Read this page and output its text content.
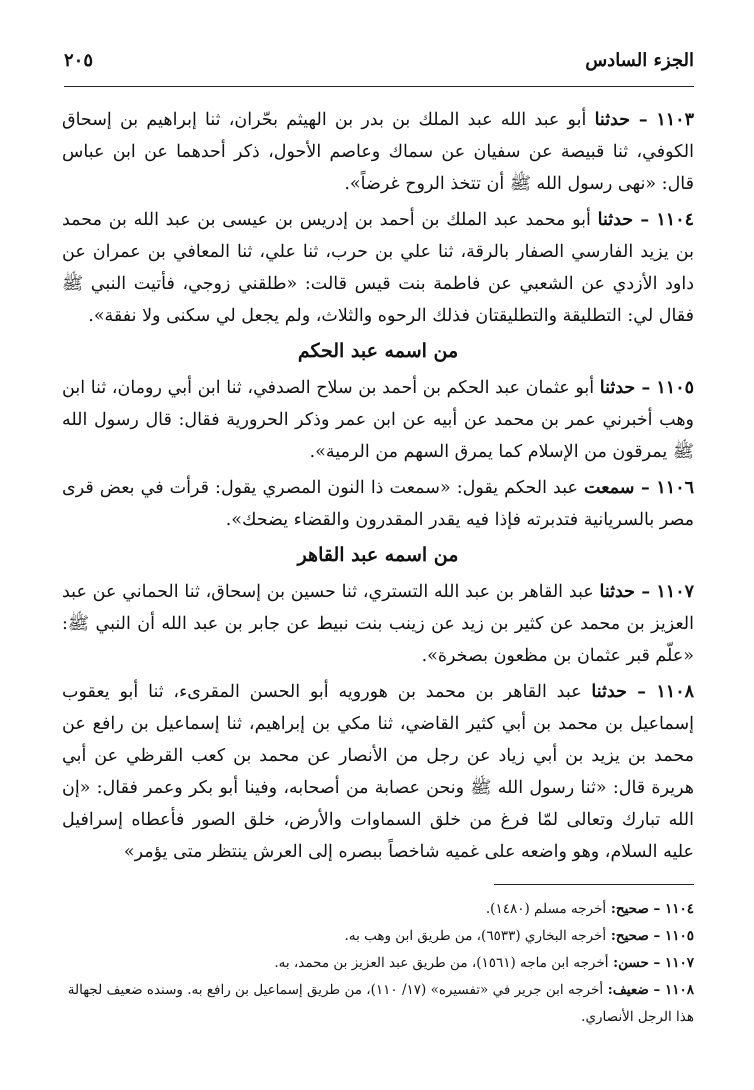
الجزء السادس
٢٠٥

١١٠٣ – حدثنا أبو عبد الله عبد الملك بن بدر بن الهيثم بحّران، ثنا إبراهيم بن إسحاق الكوفي، ثنا قبيصة عن سفيان عن سماك وعاصم الأحول، ذكر أحدهما عن ابن عباس قال: «نهى رسول الله ﷺ أن تتخذ الروح غرضاً».

١١٠٤ – حدثنا أبو محمد عبد الملك بن أحمد بن إدريس بن عيسى بن عبد الله بن محمد بن يزيد الفارسي الصفار بالرقة، ثنا علي بن حرب، ثنا علي، ثنا المعافي بن عمران عن داود الأزدي عن الشعبي عن فاطمة بنت قيس قالت: «طلقني زوجي، فأتيت النبي ﷺ فقال لي: التطليقة والتطليقتان فذلك الرحوه والثلاث، ولم يجعل لي سكنى ولا نفقة».

من اسمه عبد الحكم

١١٠٥ – حدثنا أبو عثمان عبد الحكم بن أحمد بن سلاح الصدفي، ثنا ابن أبي رومان، ثنا ابن وهب أخبرني عمر بن محمد عن أبيه عن ابن عمر وذكر الحرورية فقال: قال رسول الله ﷺ يمرقون من الإسلام كما يمرق السهم من الرمية».

١١٠٦ – سمعت عبد الحكم يقول: «سمعت ذا النون المصري يقول: قرأت في بعض قرى مصر بالسريانية فتدبرته فإذا فيه يقدر المقدرون والقضاء يضحك».

من اسمه عبد القاهر

١١٠٧ – حدثنا عبد القاهر بن عبد الله التستري، ثنا حسين بن إسحاق، ثنا الحماني عن عبد العزيز بن محمد عن كثير بن زيد عن زينب بنت نبيط عن جابر بن عبد الله أن النبي ﷺ: «علّم قبر عثمان بن مظعون بصخرة».

١١٠٨ – حدثنا عبد القاهر بن محمد بن هورويه أبو الحسن المقرىء، ثنا أبو يعقوب إسماعيل بن محمد بن أبي كثير القاضي، ثنا مكي بن إبراهيم، ثنا إسماعيل بن رافع عن محمد بن يزيد بن أبي زياد عن رجل من الأنصار عن محمد بن كعب القرظي عن أبي هريرة قال: «ثنا رسول الله ﷺ ونحن عصابة من أصحابه، وفينا أبو بكر وعمر فقال: «إن الله تبارك وتعالى لمّا فرغ من خلق السماوات والأرض، خلق الصور فأعطاه إسرافيل عليه السلام، وهو واضعه على غميه شاخصاً ببصره إلى العرش ينتظر متى يؤمر»

١١٠٤ – صحيح: أخرجه مسلم (١٤٨٠).

١١٠٥ – صحيح: أخرجه البخاري (٦٥٣٣)، من طريق ابن وهب به.

١١٠٧ – حسن: أخرجه ابن ماجه (١٥٦١)، من طريق عبد العزيز بن محمد، به.

١١٠٨ – ضعيف: أخرجه ابن جرير في «تفسيره» (١٧/ ١١٠)، من طريق إسماعيل بن رافع به. وسنده ضعيف لجهالة هذا الرجل الأنصاري.
